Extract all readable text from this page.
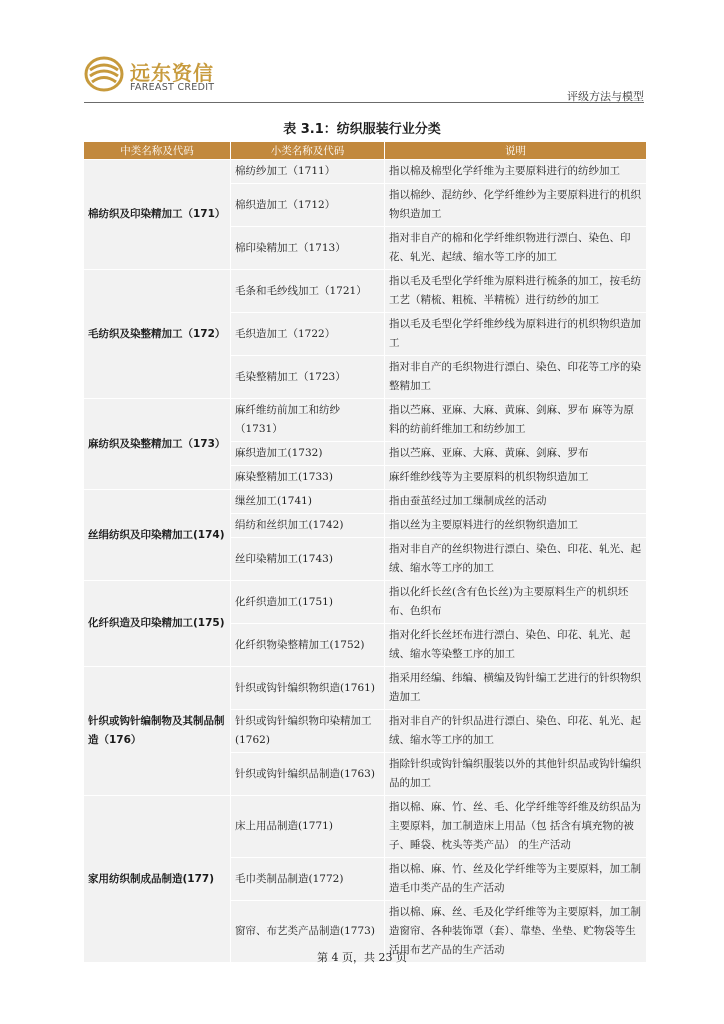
远东资信
FAREAST CREDIT
评级方法与模型
表 3.1：纺织服装行业分类
中类名称及代码	小类名称及代码	说明
棉纺织及印染精加工（171）	棉纺纱加工（1711）	指以棉及棉型化学纤维为主要原料进行的纺纱加工
	棉织造加工（1712）	指以棉纱、混纺纱、化学纤维纱为主要原料进行的机织物织造加工
	棉印染精加工（1713）	指对非自产的棉和化学纤维织物进行漂白、染色、印花、轧光、起绒、缩水等工序的加工
毛纺织及染整精加工（172）	毛条和毛纱线加工（1721）	指以毛及毛型化学纤维为原料进行梳条的加工，按毛纺工艺（精梳、粗梳、半精梳）进行纺纱的加工
	毛织造加工（1722）	指以毛及毛型化学纤维纱线为原料进行的机织物织造加工
	毛染整精加工（1723）	指对非自产的毛织物进行漂白、染色、印花等工序的染整精加工
麻纺织及染整精加工（173）	麻纤维纺前加工和纺纱（1731）	指以苎麻、亚麻、大麻、黄麻、剑麻、罗布 麻等为原料的纺前纤维加工和纺纱加工
	麻织造加工(1732)	指以苎麻、亚麻、大麻、黄麻、剑麻、罗布
	麻染整精加工(1733)	麻纤维纱线等为主要原料的机织物织造加工
丝绢纺织及印染精加工(174)	缫丝加工(1741)	指由蚕茧经过加工缫制成丝的活动
	绢纺和丝织加工(1742)	指以丝为主要原料进行的丝织物织造加工
	丝印染精加工(1743)	指对非自产的丝织物进行漂白、染色、印花、轧光、起绒、缩水等工序的加工
化纤织造及印染精加工(175)	化纤织造加工(1751)	指以化纤长丝(含有色长丝)为主要原料生产的机织坯布、色织布
	化纤织物染整精加工(1752)	指对化纤长丝坯布进行漂白、染色、印花、轧光、起绒、缩水等染整工序的加工
针织或钩针编制物及其制品制造（176）	针织或钩针编织物织造(1761)	指采用经编、纬编、横编及钩针编工艺进行的针织物织造加工
	针织或钩针编织物印染精加工(1762)	指对非自产的针织品进行漂白、染色、印花、轧光、起绒、缩水等工序的加工
	针织或钩针编织品制造(1763)	指除针织或钩针编织服装以外的其他针织品或钩针编织品的加工
家用纺织制成品制造(177)	床上用品制造(1771)	指以棉、麻、竹、丝、毛、化学纤维等纤维及纺织品为主要原料，加工制造床上用品（包 括含有填充物的被子、睡袋、枕头等类产品） 的生产活动
	毛巾类制品制造(1772)	指以棉、麻、竹、丝及化学纤维等为主要原料，加工制造毛巾类产品的生产活动
	窗帘、布艺类产品制造(1773)	指以棉、麻、丝、毛及化学纤维等为主要原料，加工制造窗帘、各种装饰罩（套）、靠垫、坐垫、贮物袋等生活用布艺产品的生产活动
第 4 页，共 23 页
